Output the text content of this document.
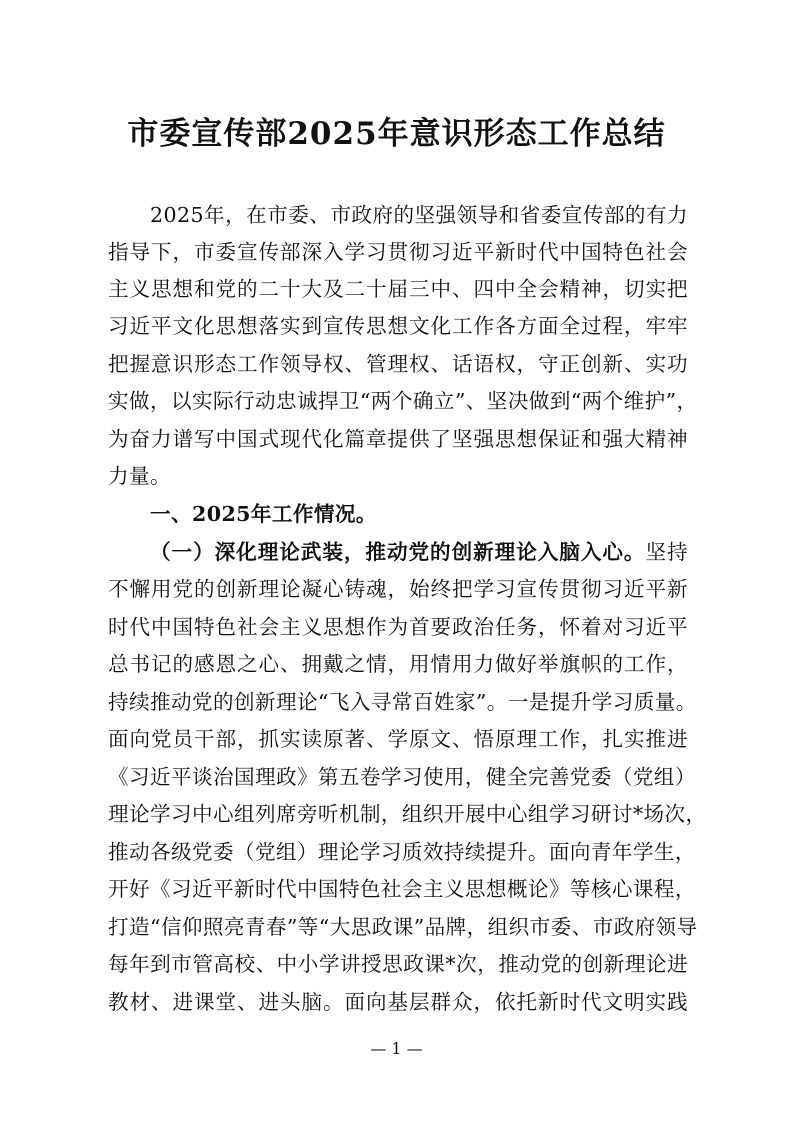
市委宣传部2025年意识形态工作总结
2025年，在市委、市政府的坚强领导和省委宣传部的有力
指导下，市委宣传部深入学习贯彻习近平新时代中国特色社会
主义思想和党的二十大及二十届三中、四中全会精神，切实把
习近平文化思想落实到宣传思想文化工作各方面全过程，牢牢
把握意识形态工作领导权、管理权、话语权，守正创新、实功
实做，以实际行动忠诚捍卫“两个确立”、坚决做到“两个维护”，
为奋力谱写中国式现代化篇章提供了坚强思想保证和强大精神
力量。
一、2025年工作情况。
（一）深化理论武装，推动党的创新理论入脑入心。坚持
不懈用党的创新理论凝心铸魂，始终把学习宣传贯彻习近平新
时代中国特色社会主义思想作为首要政治任务，怀着对习近平
总书记的感恩之心、拥戴之情，用情用力做好举旗帜的工作，
持续推动党的创新理论“飞入寻常百姓家”。一是提升学习质量。
面向党员干部，抓实读原著、学原文、悟原理工作，扎实推进
《习近平谈治国理政》第五卷学习使用，健全完善党委（党组）
理论学习中心组列席旁听机制，组织开展中心组学习研讨*场次，
推动各级党委（党组）理论学习质效持续提升。面向青年学生，
开好《习近平新时代中国特色社会主义思想概论》等核心课程，
打造“信仰照亮青春”等“大思政课”品牌，组织市委、市政府领导
每年到市管高校、中小学讲授思政课*次，推动党的创新理论进
教材、进课堂、进头脑。面向基层群众，依托新时代文明实践
— 1 —
